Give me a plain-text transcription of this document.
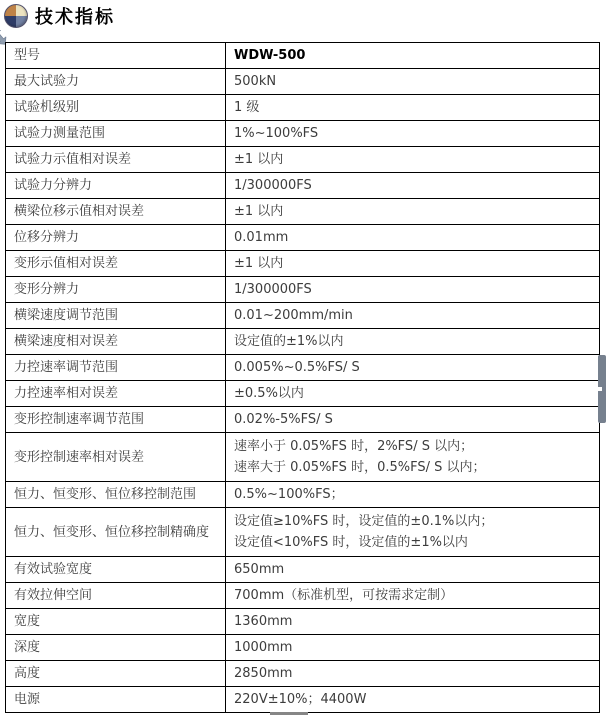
技术指标
型号	WDW-500
最大试验力	500kN
试验机级别	1 级
试验力测量范围	1%~100%FS
试验力示值相对误差	±1 以内
试验力分辨力	1/300000FS
横梁位移示值相对误差	±1 以内
位移分辨力	0.01mm
变形示值相对误差	±1 以内
变形分辨力	1/300000FS
横梁速度调节范围	0.01~200mm/min
横梁速度相对误差	设定值的±1%以内
力控速率调节范围	0.005%~0.5%FS/ S
力控速率相对误差	±0.5%以内
变形控制速率调节范围	0.02%-5%FS/ S
变形控制速率相对误差	速率小于 0.05%FS 时，2%FS/ S 以内；
速率大于 0.05%FS 时，0.5%FS/ S 以内；

恒力、恒变形、恒位移控制范围	0.5%~100%FS；
恒力、恒变形、恒位移控制精确度	设定值≥10%FS 时，设定值的±0.1%以内；
设定值<10%FS 时，设定值的±1%以内

有效试验宽度	650mm
有效拉伸空间	700mm（标准机型，可按需求定制）
宽度	1360mm
深度	1000mm
高度	2850mm
电源	220V±10%；4400W
